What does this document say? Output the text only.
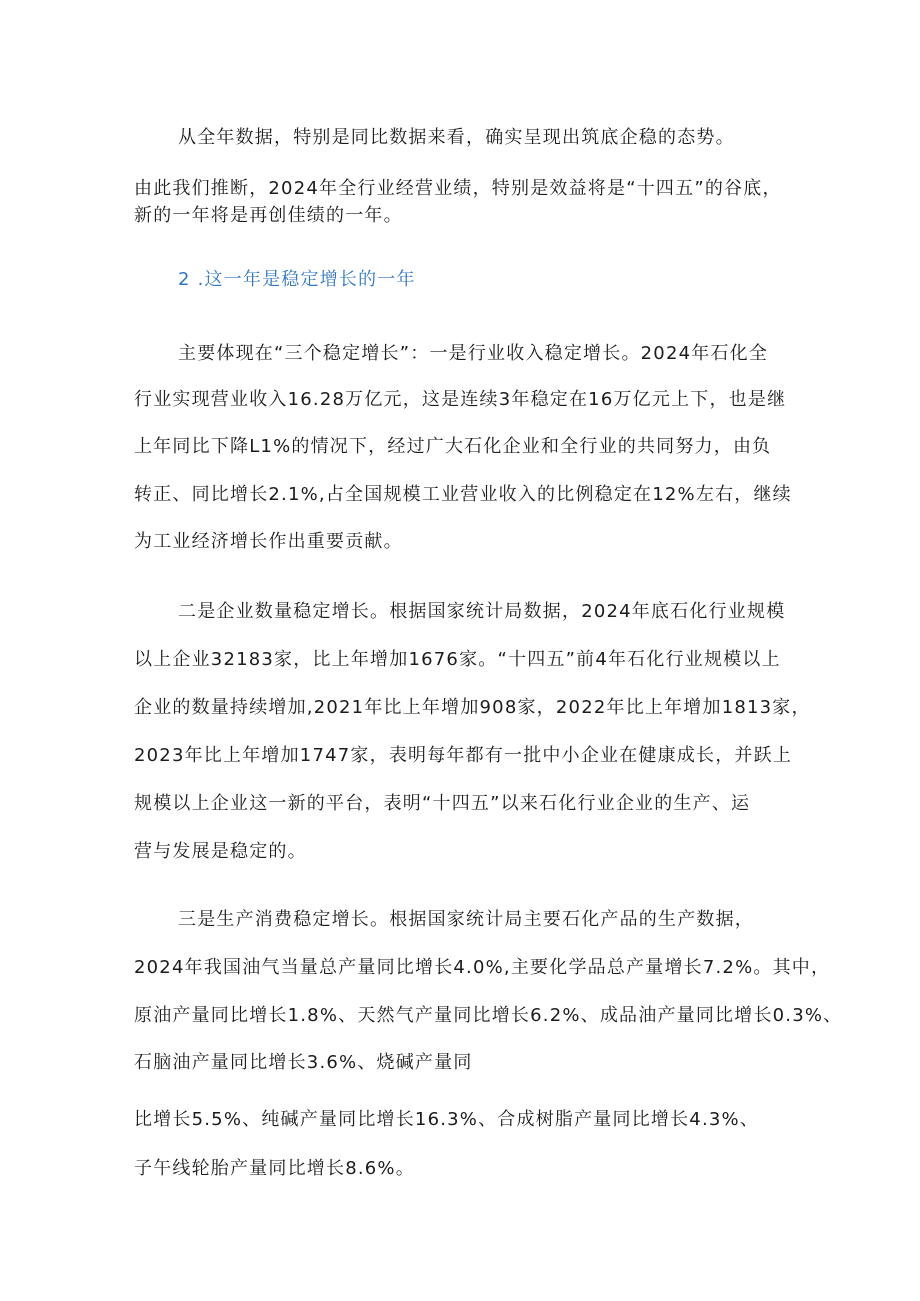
从全年数据，特别是同比数据来看，确实呈现出筑底企稳的态势。
由此我们推断，2024年全行业经营业绩，特别是效益将是“十四五”的谷底，
新的一年将是再创佳绩的一年。
2 .这一年是稳定增长的一年
主要体现在“三个稳定增长”：一是行业收入稳定增长。2024年石化全
行业实现营业收入16.28万亿元，这是连续3年稳定在16万亿元上下，也是继
上年同比下降L1%的情况下，经过广大石化企业和全行业的共同努力，由负
转正、同比增长2.1%,占全国规模工业营业收入的比例稳定在12%左右，继续
为工业经济增长作出重要贡献。
二是企业数量稳定增长。根据国家统计局数据，2024年底石化行业规模
以上企业32183家，比上年增加1676家。“十四五”前4年石化行业规模以上
企业的数量持续增加,2021年比上年增加908家，2022年比上年增加1813家，
2023年比上年增加1747家，表明每年都有一批中小企业在健康成长，并跃上
规模以上企业这一新的平台，表明“十四五”以来石化行业企业的生产、运
营与发展是稳定的。
三是生产消费稳定增长。根据国家统计局主要石化产品的生产数据，
2024年我国油气当量总产量同比增长4.0%,主要化学品总产量增长7.2%。其中，
原油产量同比增长1.8%、天然气产量同比增长6.2%、成品油产量同比增长0.3%、
石脑油产量同比增长3.6%、烧碱产量同
比增长5.5%、纯碱产量同比增长16.3%、合成树脂产量同比增长4.3%、
子午线轮胎产量同比增长8.6%。
